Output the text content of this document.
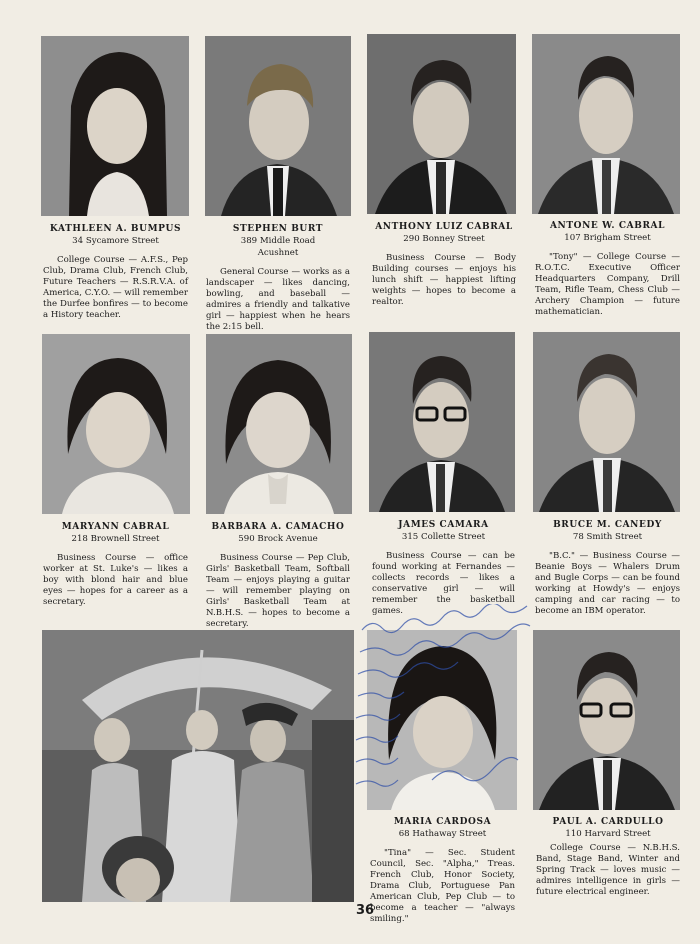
KATHLEEN A. BUMPUS
34 Sycamore Street
College Course — A.F.S., Pep Club, Drama Club, French Club, Future Teachers — R.S.R.V.A. of America, C.Y.O. — will remember the Durfee bonfires — to become a History teacher.
STEPHEN BURT
389 Middle Road
Acushnet
General Course — works as a landscaper — likes dancing, bowling, and baseball — admires a friendly and talkative girl — happiest when he hears the 2:15 bell.
ANTHONY LUIZ CABRAL
290 Bonney Street
Business Course — Body Building courses — enjoys his lunch shift — happiest lifting weights — hopes to become a realtor.
ANTONE W. CABRAL
107 Brigham Street
"Tony" — College Course — R.O.T.C. Executive Officer Headquarters Company, Drill Team, Rifle Team, Chess Club — Archery Champion — future mathematician.
MARYANN CABRAL
218 Brownell Street
Business Course — office worker at St. Luke's — likes a boy with blond hair and blue eyes — hopes for a career as a secretary.
BARBARA A. CAMACHO
590 Brock Avenue
Business Course — Pep Club, Girls' Basketball Team, Softball Team — enjoys playing a guitar — will remember playing on Girls' Basketball Team at N.B.H.S. — hopes to become a secretary.
JAMES CAMARA
315 Collette Street
Business Course — can be found working at Fernandes — collects records — likes a conservative girl — will remember the basketball games.
BRUCE M. CANEDY
78 Smith Street
"B.C." — Business Course — Beanie Boys — Whalers Drum and Bugle Corps — can be found working at Howdy's — enjoys camping and car racing — to become an IBM operator.
MARIA CARDOSA
68 Hathaway Street
"Tina" — Sec. Student Council, Sec. "Alpha," Treas. French Club, Honor Society, Drama Club, Portuguese Pan American Club, Pep Club — to become a teacher — "always smiling."
PAUL A. CARDULLO
110 Harvard Street
College Course — N.B.H.S. Band, Stage Band, Winter and Spring Track — loves music — admires intelligence in girls — future electrical engineer.
36
